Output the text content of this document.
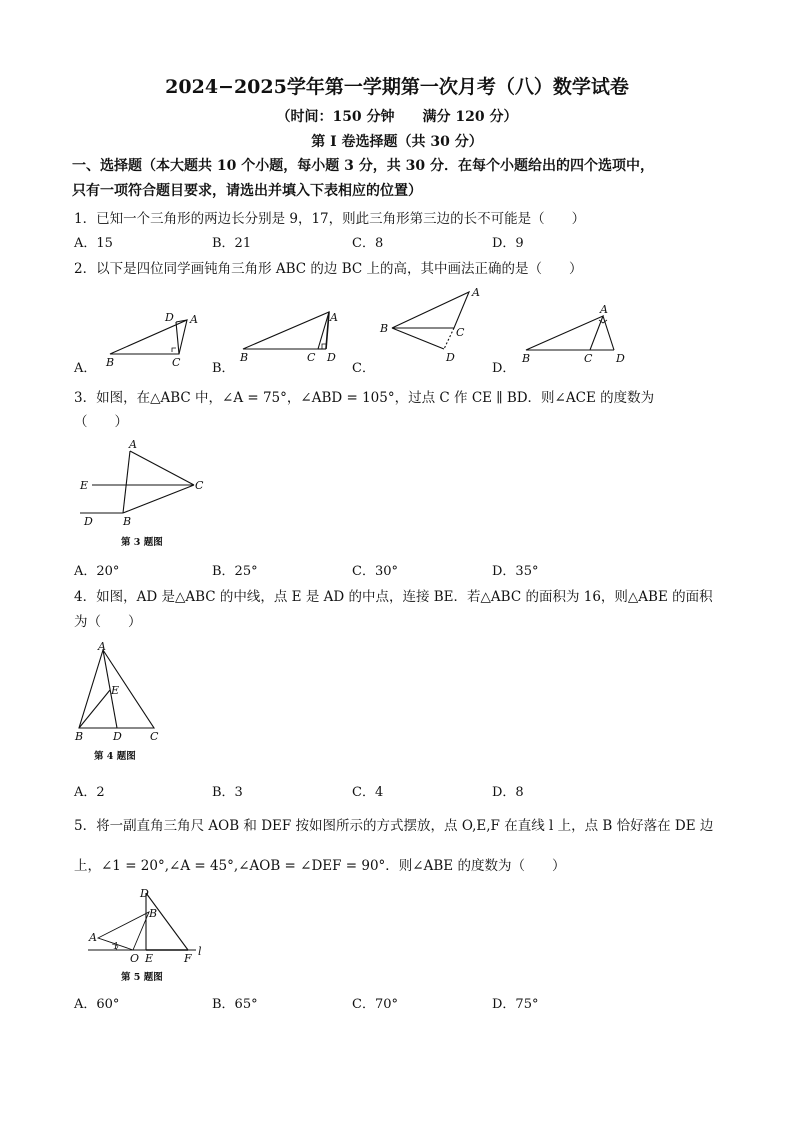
2024−2025学年第一学期第一次月考（八）数学试卷
（时间：150 分钟　　满分 120 分）
第 I 卷选择题（共 30 分）
一、选择题（本大题共 10 个小题，每小题 3 分，共 30 分．在每个小题给出的四个选项中，
只有一项符合题目要求，请选出并填入下表相应的位置）
1．已知一个三角形的两边长分别是 9，17，则此三角形第三边的长不可能是（　　）
A．15	B．21	C．8	D．9
2．以下是四位同学画钝角三角形 ABC 的边 BC 上的高，其中画法正确的是（　　）
A．	B．	C．	D．
D A
B	C
A
B	C D
A
B	C
D
A
B	C D
3．如图，在△ABC 中，∠A = 75°，∠ABD = 105°，过点 C 作 CE ∥ BD．则∠ACE 的度数为
（　　）
A
E	C
D	B
第 3 题图
A．20°	B．25°	C．30°	D．35°
4．如图，AD 是△ABC 的中线，点 E 是 AD 的中点，连接 BE．若△ABC 的面积为 16，则△ABE 的面积
为（　　）
A
E
B	D	C
第 4 题图
A．2	B．3	C．4	D．8
5．将一副直角三角尺 AOB 和 DEF 按如图所示的方式摆放，点 O,E,F 在直线 l 上，点 B 恰好落在 DE 边
上，∠1 = 20°,∠A = 45°,∠AOB = ∠DEF = 90°．则∠ABE 的度数为（　　）
D
B
A
1
O E	F
l
第 5 题图
A．60°	B．65°	C．70°	D．75°
